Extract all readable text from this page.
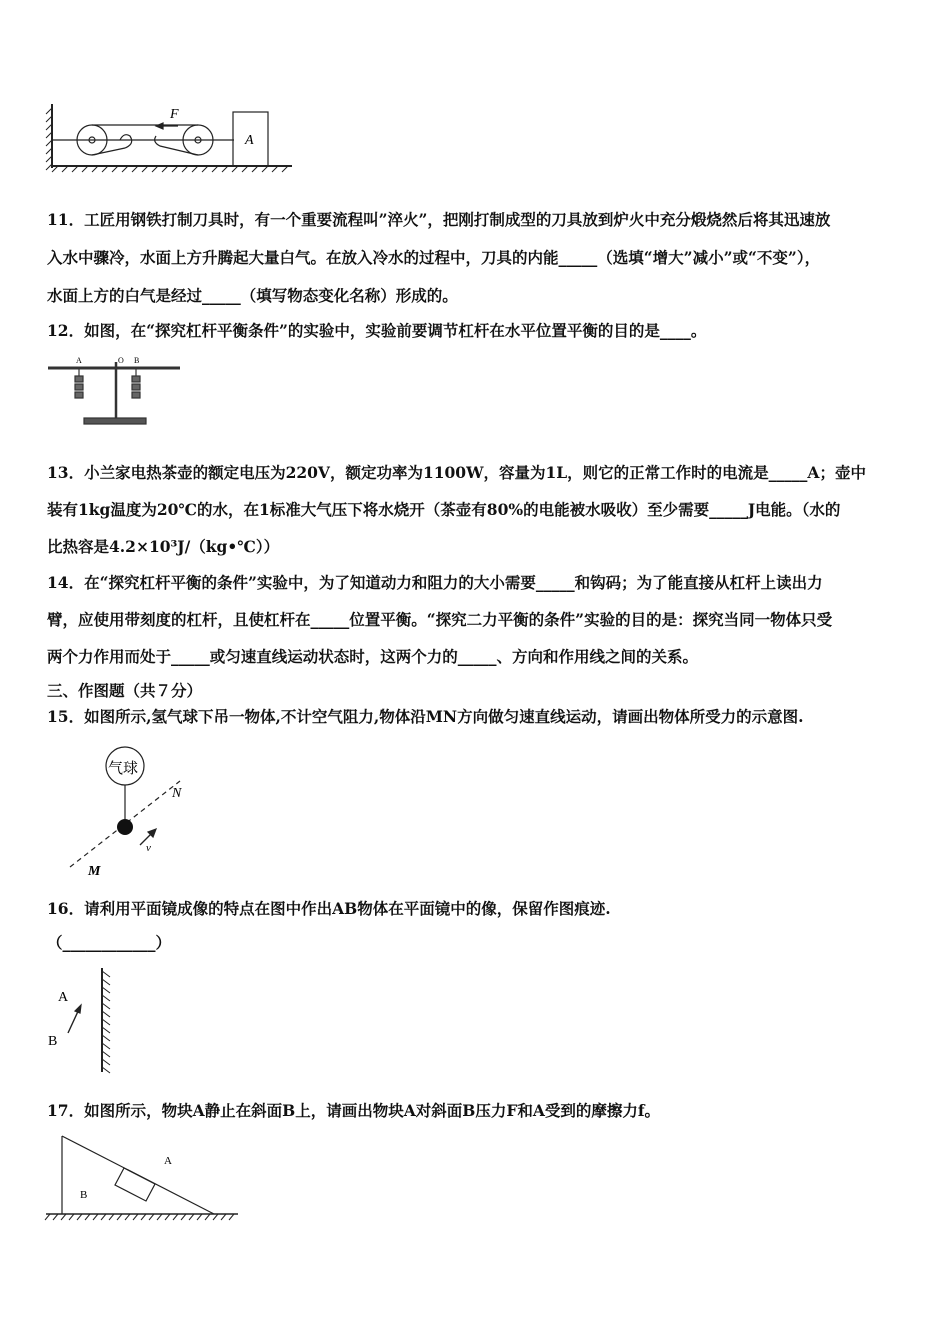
F
A
11．工匠用钢铁打制刀具时，有一个重要流程叫”淬火”，把刚打制成型的刀具放到炉火中充分煅烧然后将其迅速放
入水中骤冷，水面上方升腾起大量白气。在放入冷水的过程中，刀具的内能_____（选填“增大”减小”或“不变”），
水面上方的白气是经过_____（填写物态变化名称）形成的。
12．如图，在“探究杠杆平衡条件”的实验中，实验前要调节杠杆在水平位置平衡的目的是____。
A	O B
13．小兰家电热茶壶的额定电压为220V，额定功率为1100W，容量为1L，则它的正常工作时的电流是_____A；壶中
装有1kg温度为20℃的水，在1标准大气压下将水烧开（茶壶有80%的电能被水吸收）至少需要_____J电能。（水的
比热容是4.2×10³J/（kg•℃））
14．在“探究杠杆平衡的条件”实验中，为了知道动力和阻力的大小需要_____和钩码；为了能直接从杠杆上读出力
臂，应使用带刻度的杠杆，且使杠杆在_____位置平衡。“探究二力平衡的条件”实验的目的是：探究当同一物体只受
两个力作用而处于_____或匀速直线运动状态时，这两个力的_____、方向和作用线之间的关系。
三、作图题（共７分）
15．如图所示,氢气球下吊一物体,不计空气阻力,物体沿MN方向做匀速直线运动，请画出物体所受力的示意图.
气球
N
M
v
16．请利用平面镜成像的特点在图中作出AB物体在平面镜中的像，保留作图痕迹.
（____________）
A
B
17．如图所示，物块A静止在斜面B上，请画出物块A对斜面B压力F和A受到的摩擦力f。
A
B
